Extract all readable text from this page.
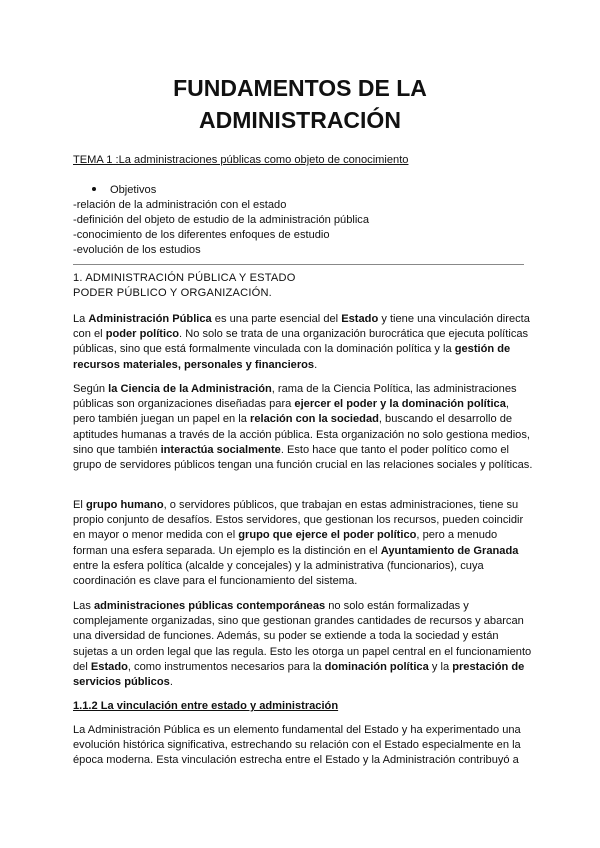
FUNDAMENTOS DE LA
ADMINISTRACIÓN
TEMA 1 :La administraciones públicas como objeto de conocimiento
Objetivos
-relación de la administración con el estado
-definición del objeto de estudio de la administración pública
-conocimiento de los diferentes enfoques de estudio
-evolución de los estudios
1. ADMINISTRACIÓN PÚBLICA Y ESTADO
PODER PÚBLICO Y ORGANIZACIÓN.

La Administración Pública es una parte esencial del Estado y tiene una vinculación directa con el poder político. No solo se trata de una organización burocrática que ejecuta políticas públicas, sino que está formalmente vinculada con la dominación política y la gestión de recursos materiales, personales y financieros.

Según la Ciencia de la Administración, rama de la Ciencia Política, las administraciones públicas son organizaciones diseñadas para ejercer el poder y la dominación política, pero también juegan un papel en la relación con la sociedad, buscando el desarrollo de aptitudes humanas a través de la acción pública. Esta organización no solo gestiona medios, sino que también interactúa socialmente. Esto hace que tanto el poder político como el grupo de servidores públicos tengan una función crucial en las relaciones sociales y políticas.

El grupo humano, o servidores públicos, que trabajan en estas administraciones, tiene su propio conjunto de desafíos. Estos servidores, que gestionan los recursos, pueden coincidir en mayor o menor medida con el grupo que ejerce el poder político, pero a menudo forman una esfera separada. Un ejemplo es la distinción en el Ayuntamiento de Granada entre la esfera política (alcalde y concejales) y la administrativa (funcionarios), cuya coordinación es clave para el funcionamiento del sistema.

Las administraciones públicas contemporáneas no solo están formalizadas y complejamente organizadas, sino que gestionan grandes cantidades de recursos y abarcan una diversidad de funciones. Además, su poder se extiende a toda la sociedad y están sujetas a un orden legal que las regula. Esto les otorga un papel central en el funcionamiento del Estado, como instrumentos necesarios para la dominación política y la prestación de servicios públicos.

1.1.2 La vinculación entre estado y administración

La Administración Pública es un elemento fundamental del Estado y ha experimentado una evolución histórica significativa, estrechando su relación con el Estado especialmente en la época moderna. Esta vinculación estrecha entre el Estado y la Administración contribuyó a
